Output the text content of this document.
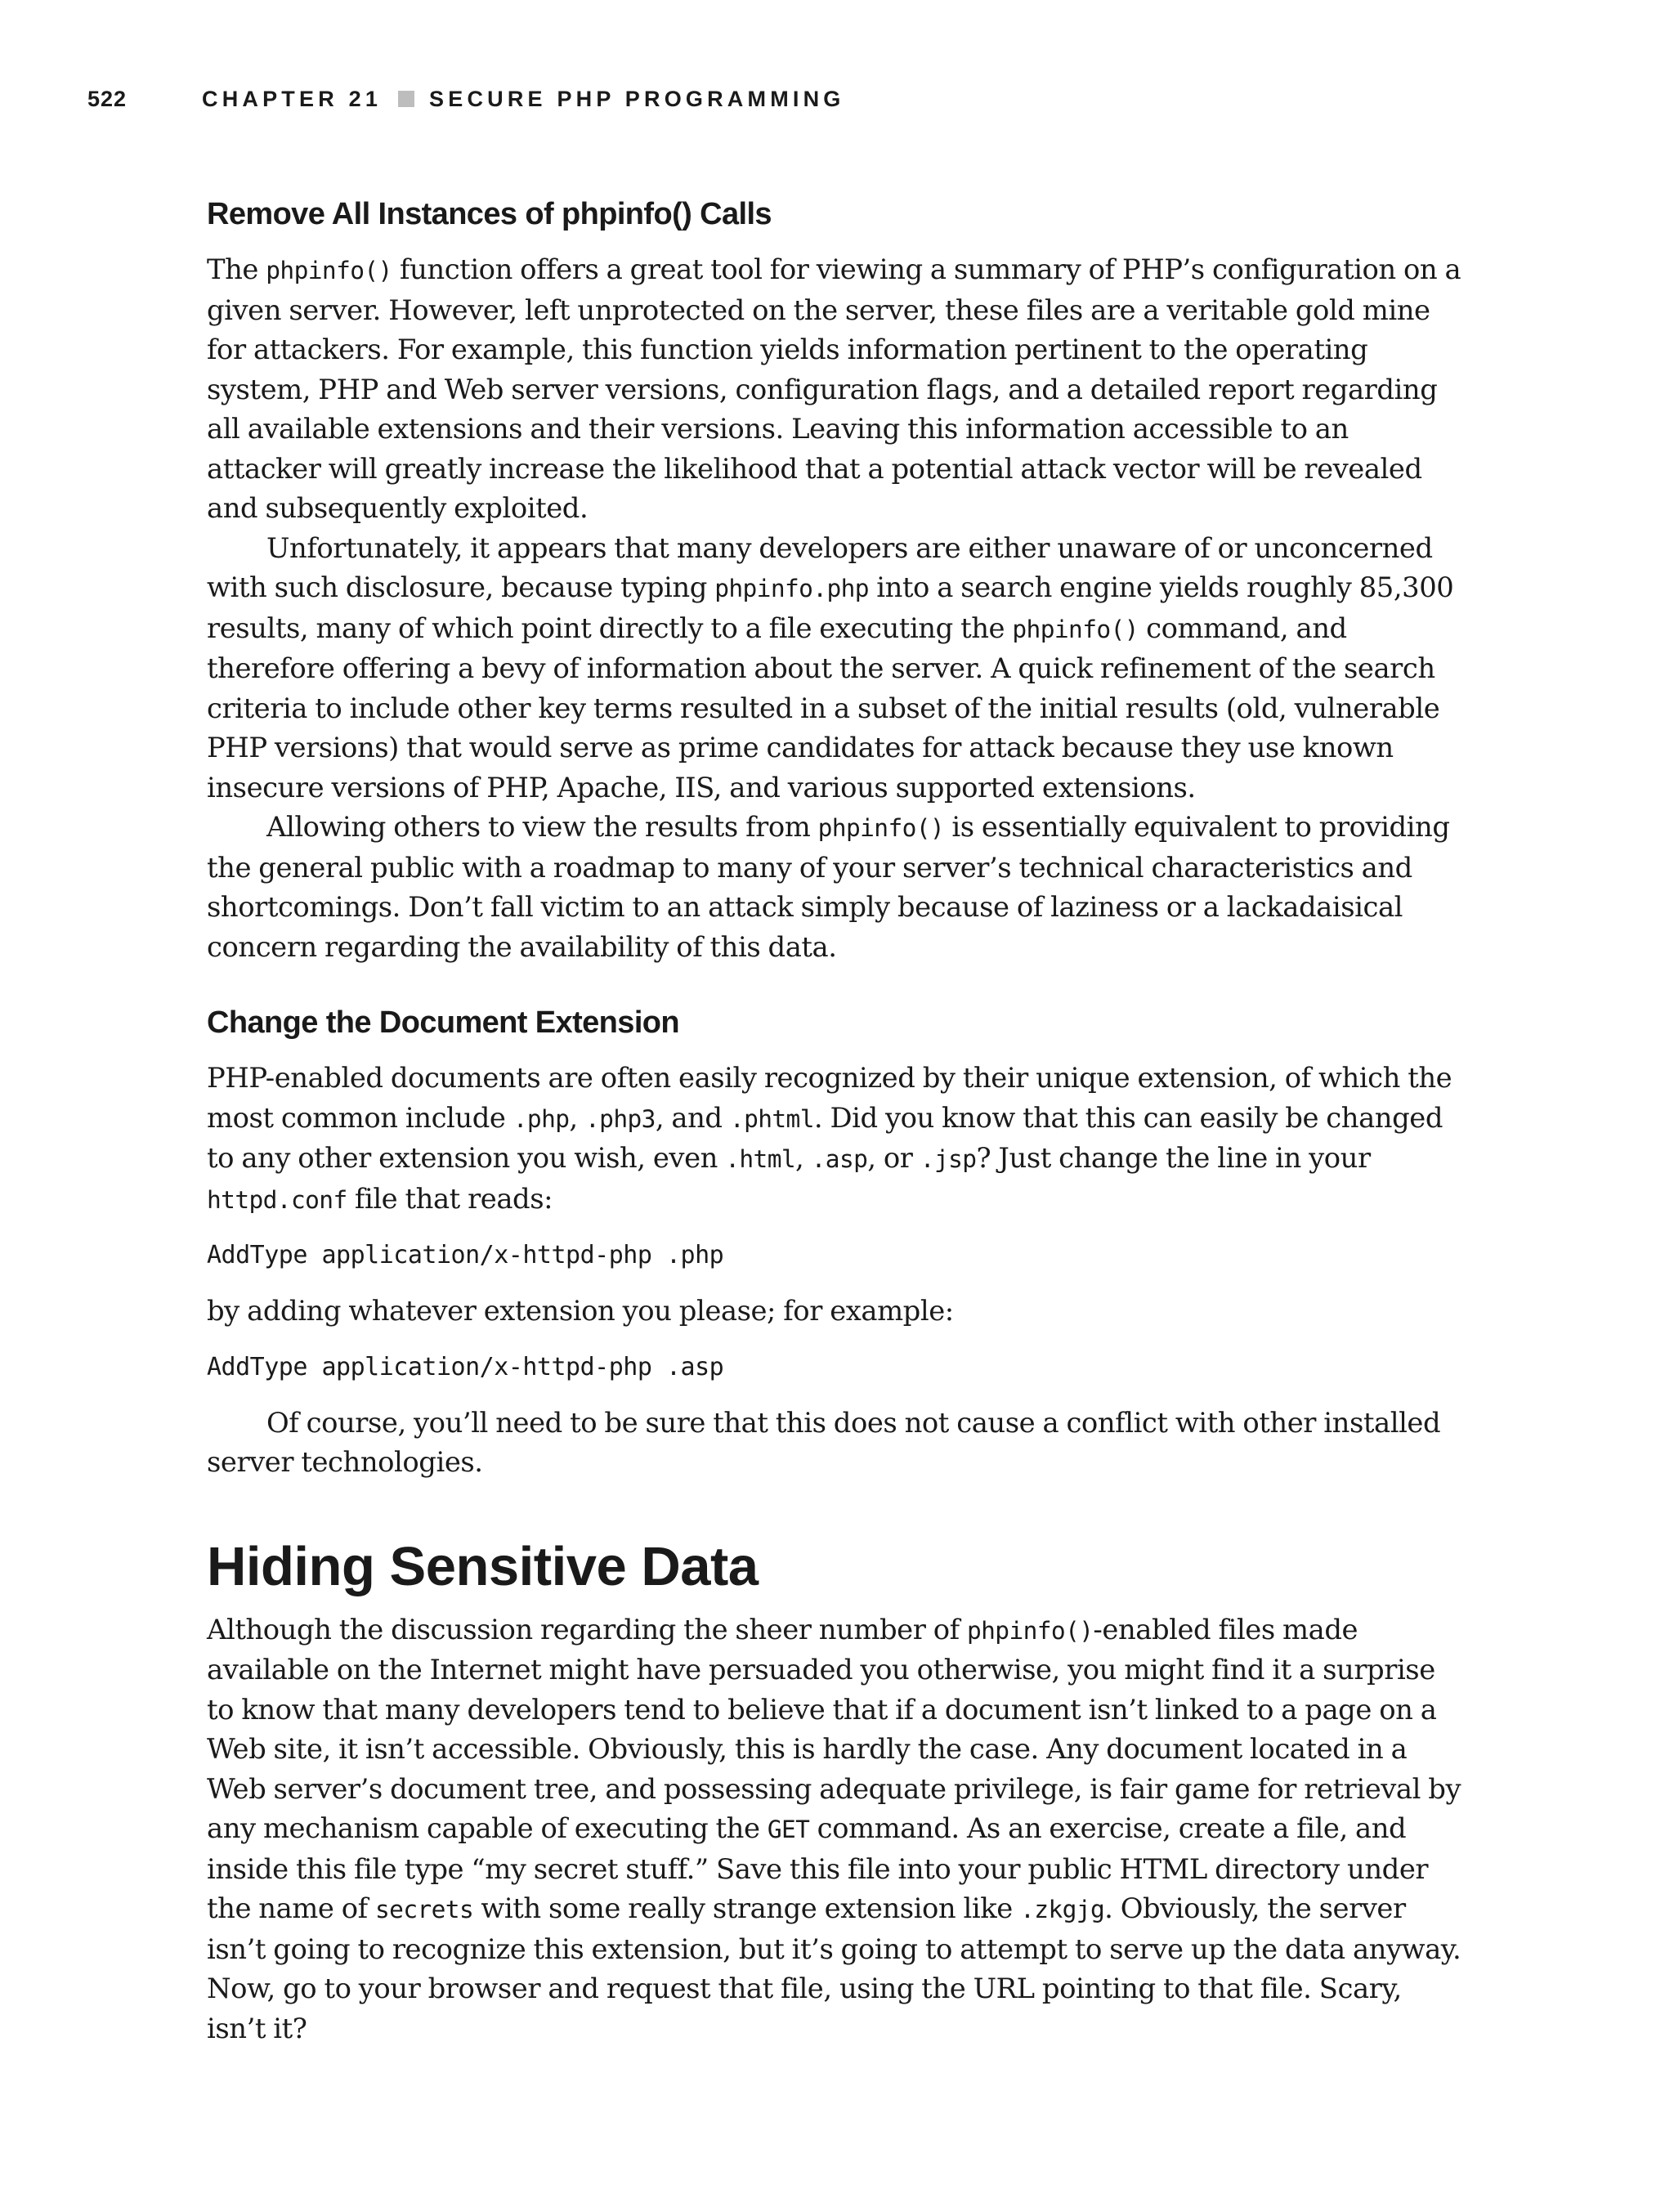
522	CHAPTER 21 SECURE PHP PROGRAMMING
Remove All Instances of phpinfo() Calls

The phpinfo() function offers a great tool for viewing a summary of PHP’s configuration on a given server. However, left unprotected on the server, these files are a veritable gold mine for attackers. For example, this function yields information pertinent to the operating system, PHP and Web server versions, configuration flags, and a detailed report regarding all available extensions and their versions. Leaving this information accessible to an attacker will greatly increase the likelihood that a potential attack vector will be revealed and subsequently exploited.

Unfortunately, it appears that many developers are either unaware of or unconcerned with such disclosure, because typing phpinfo.php into a search engine yields roughly 85,300 results, many of which point directly to a file executing the phpinfo() command, and therefore offering a bevy of information about the server. A quick refinement of the search criteria to include other key terms resulted in a subset of the initial results (old, vulnerable PHP versions) that would serve as prime candidates for attack because they use known insecure versions of PHP, Apache, IIS, and various supported extensions.

Allowing others to view the results from phpinfo() is essentially equivalent to providing the general public with a roadmap to many of your server’s technical characteristics and shortcomings. Don’t fall victim to an attack simply because of laziness or a lackadaisical concern regarding the availability of this data.

Change the Document Extension

PHP-enabled documents are often easily recognized by their unique extension, of which the most common include .php, .php3, and .phtml. Did you know that this can easily be changed to any other extension you wish, even .html, .asp, or .jsp? Just change the line in your httpd.conf file that reads:

AddType application/x-httpd-php .php

by adding whatever extension you please; for example:

AddType application/x-httpd-php .asp

Of course, you’ll need to be sure that this does not cause a conflict with other installed server technologies.

Hiding Sensitive Data

Although the discussion regarding the sheer number of phpinfo()-enabled files made available on the Internet might have persuaded you otherwise, you might find it a surprise to know that many developers tend to believe that if a document isn’t linked to a page on a Web site, it isn’t accessible. Obviously, this is hardly the case. Any document located in a Web server’s document tree, and possessing adequate privilege, is fair game for retrieval by any mechanism capable of executing the GET command. As an exercise, create a file, and inside this file type “my secret stuff.” Save this file into your public HTML directory under the name of secrets with some really strange extension like .zkgjg. Obviously, the server isn’t going to recognize this extension, but it’s going to attempt to serve up the data anyway. Now, go to your browser and request that file, using the URL pointing to that file. Scary, isn’t it?
